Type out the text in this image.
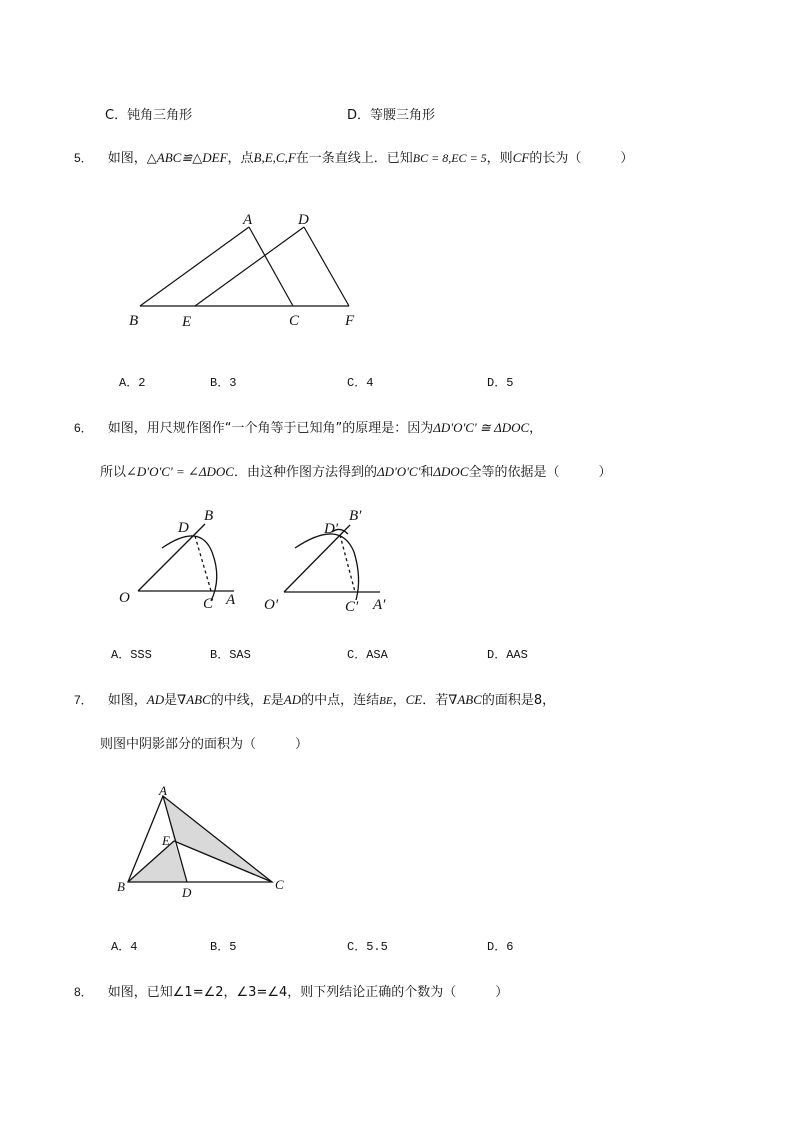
C．钝角三角形	D．等腰三角形
5． 如图，△ABC≌△DEF，点B,E,C,F在一条直线上．已知BC = 8,EC = 5，则CF的长为（　　　）
A	D
B	E	C	F
A．2	B．3	C．4	D．5
6． 如图，用尺规作图作“一个角等于已知角”的原理是：因为ΔD'O'C' ≅ ΔDOC，
所以∠D'O'C' = ∠ΔDOC．由这种作图方法得到的ΔD'O'C'和ΔDOC全等的依据是（　　　）
D
B
O	C A
D′
B′
O′	C′ A′
A．SSS	B．SAS	C．ASA	D．AAS
7． 如图，AD是∇ABC的中线，E是AD的中点，连结BE，CE．若∇ABC的面积是8，
则图中阴影部分的面积为（　　　）
A
E
B	D
C
A．4	B．5	C．5.5	D．6
8． 如图，已知∠1=∠2，∠3=∠4，则下列结论正确的个数为（　　　）
